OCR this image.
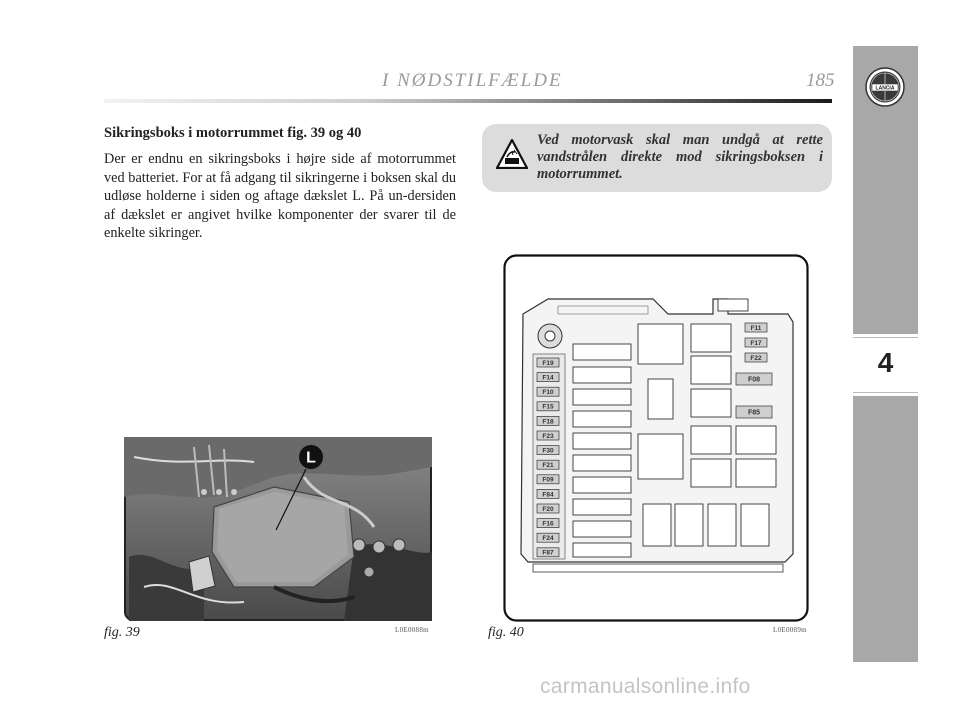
I NØDSTILFÆLDE	185
4
LANCIA
Sikringsboks i motorrummet fig. 39 og 40

Der er endnu en sikringsboks i højre side af motorrummet ved batteriet. For at få adgang til sikringerne i boksen skal du udløse holderne i siden og aftage dækslet L. På un-dersiden af dækslet er angivet hvilke komponenter der svarer til de enkelte sikringer.

Ved motorvask skal man undgå at rette vandstrålen direkte mod sikringsboksen i motorrummet.

L
fig. 39	L0E0088m
F19
F14
F10
F15
F18
F23
F30
F21
F09
F84
F20
F16
F24
F87
F11
F17
F22
F08
F85
fig. 40	L0E0089m
carmanualsonline.info
